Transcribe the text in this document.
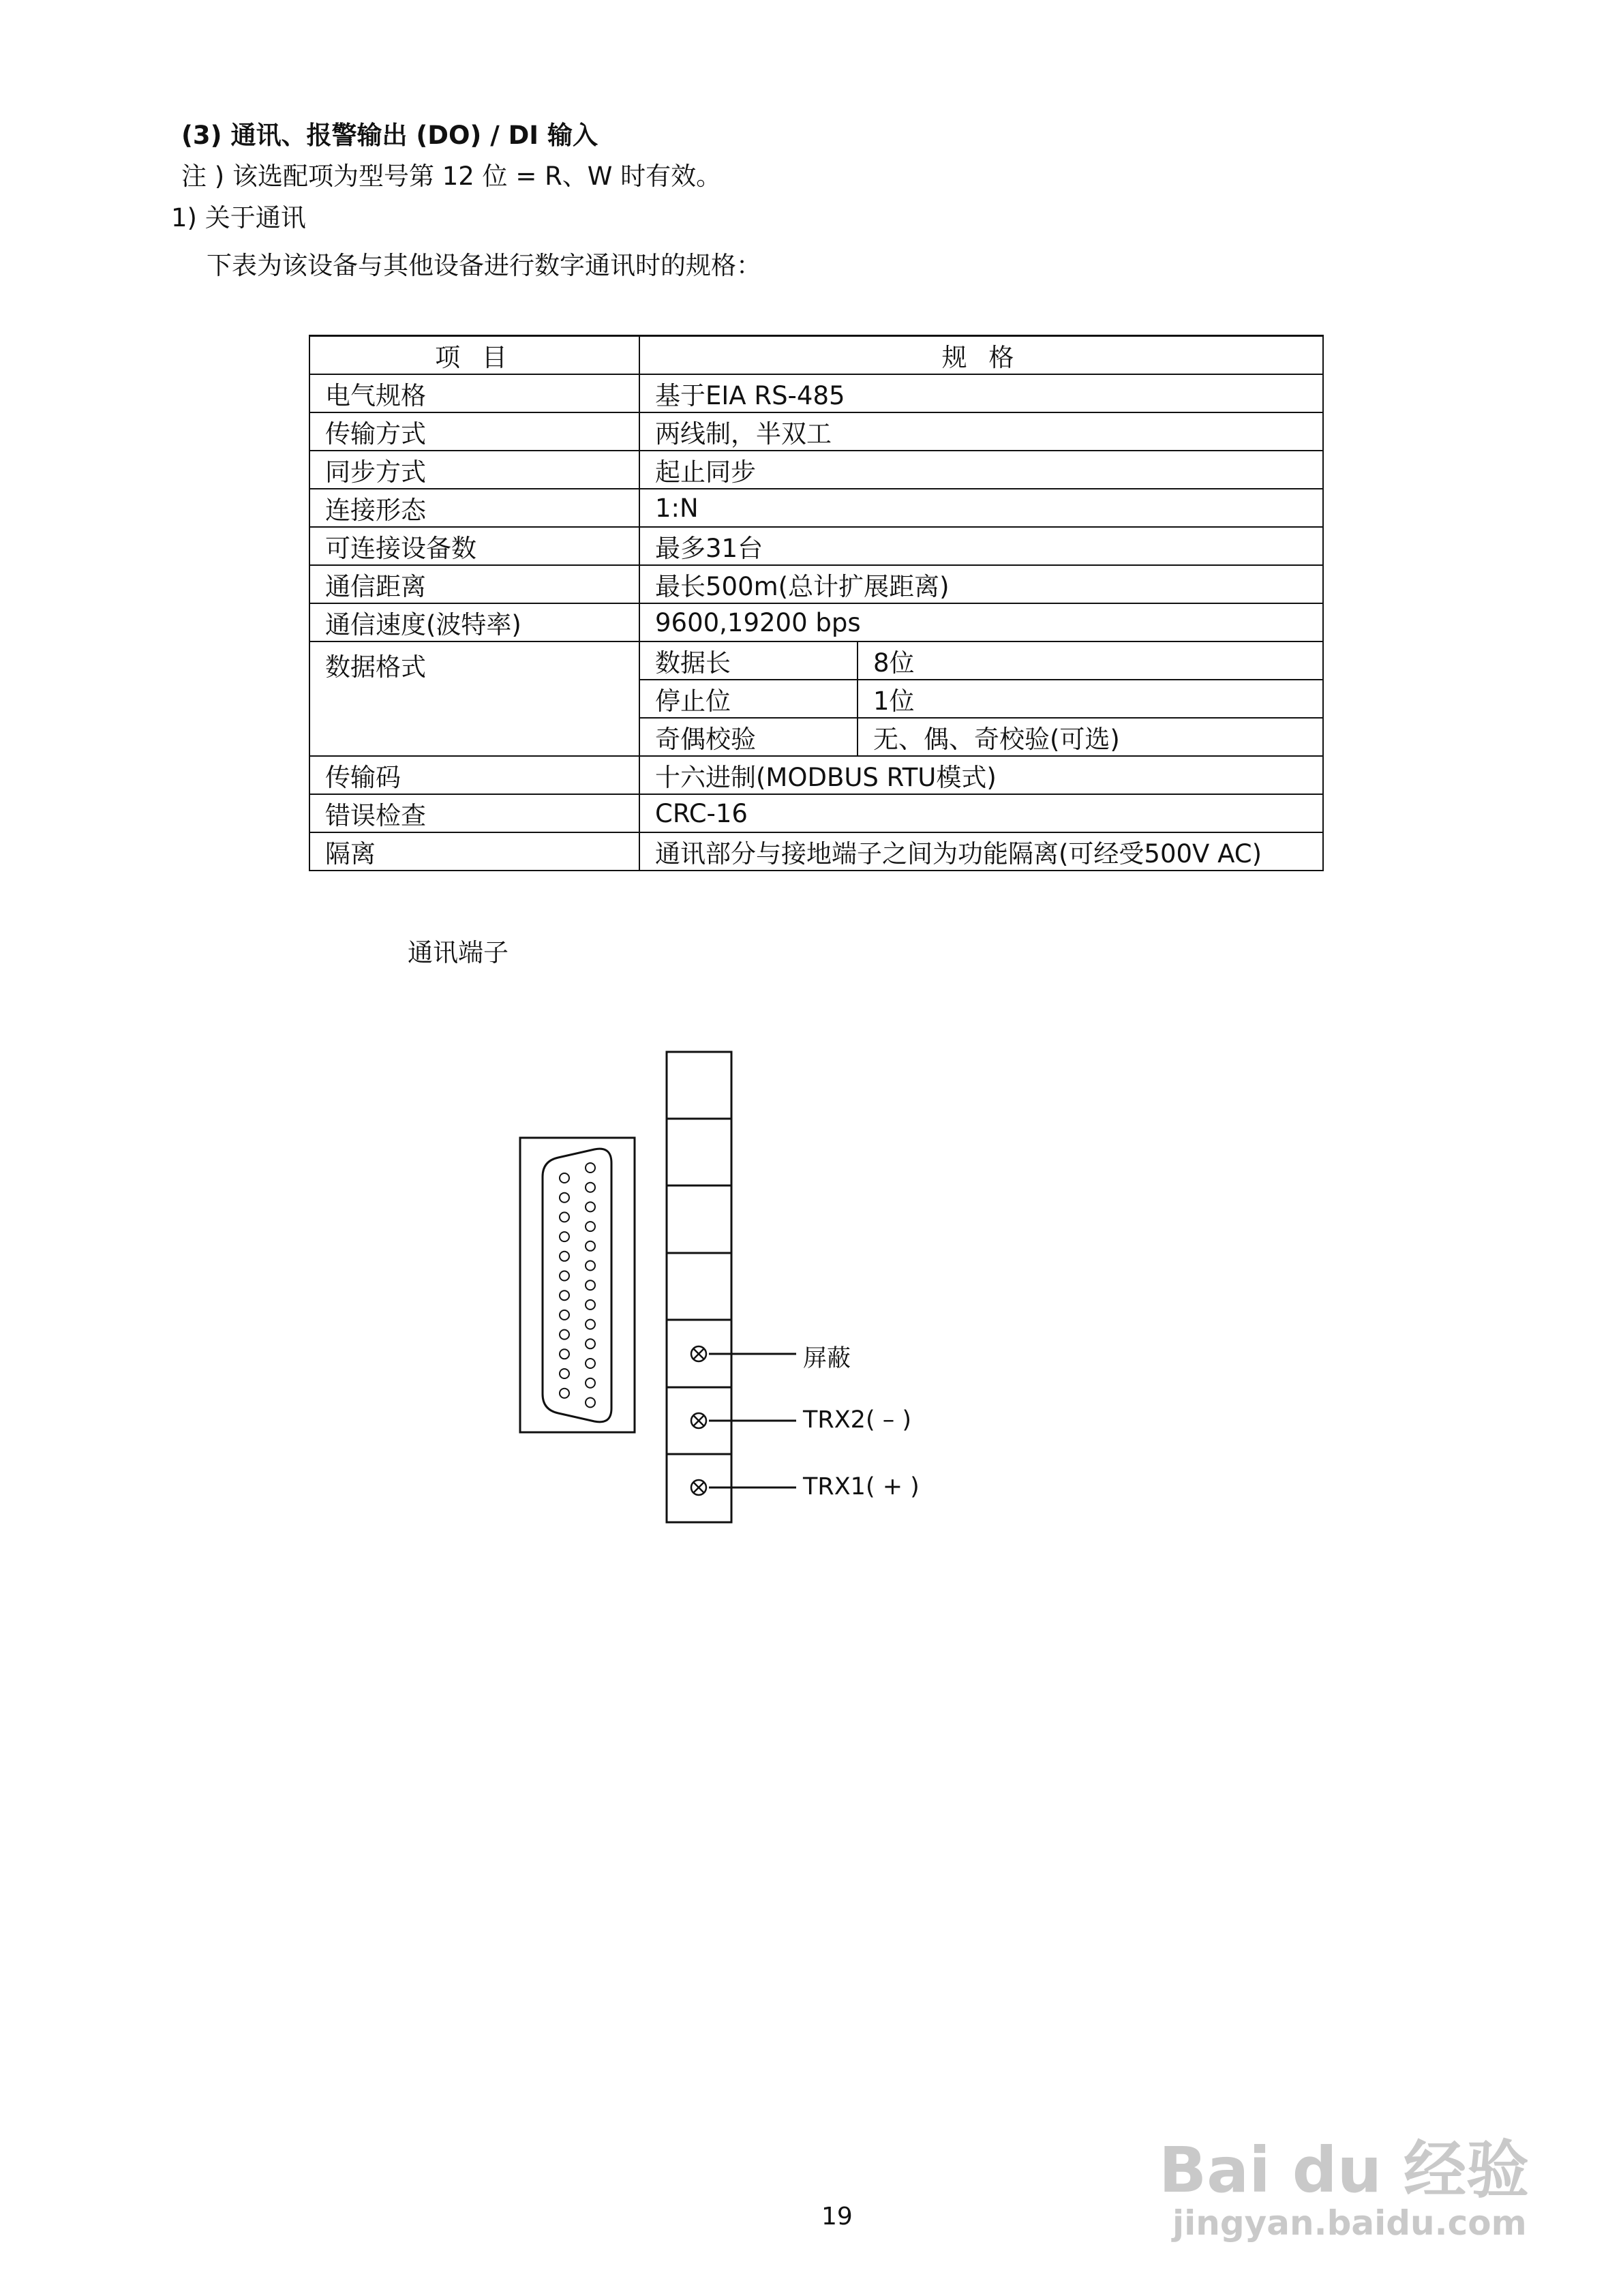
(3) 通讯、报警输出 (DO) / DI 输入
注 ) 该选配项为型号第 12 位 = R、W 时有效。
1) 关于通讯
下表为该设备与其他设备进行数字通讯时的规格：
项 目	规 格	
电气规格	基于EIA RS-485	
传输方式	两线制，半双工	
同步方式	起止同步	
连接形态	1:N	
可连接设备数	最多31台	
通信距离	最长500m(总计扩展距离)	
通信速度(波特率)	9600,19200 bps	
数据格式	数据长	8位
	停止位	1位
	奇偶校验	无、偶、奇校验(可选)
传输码	十六进制(MODBUS RTU模式)	
错误检查	CRC-16	
隔离	通讯部分与接地端子之间为功能隔离(可经受500V AC)	
通讯端子
屏蔽
TRX2( – )
TRX1( + )
19
Bai du 经验
jingyan.baidu.com
